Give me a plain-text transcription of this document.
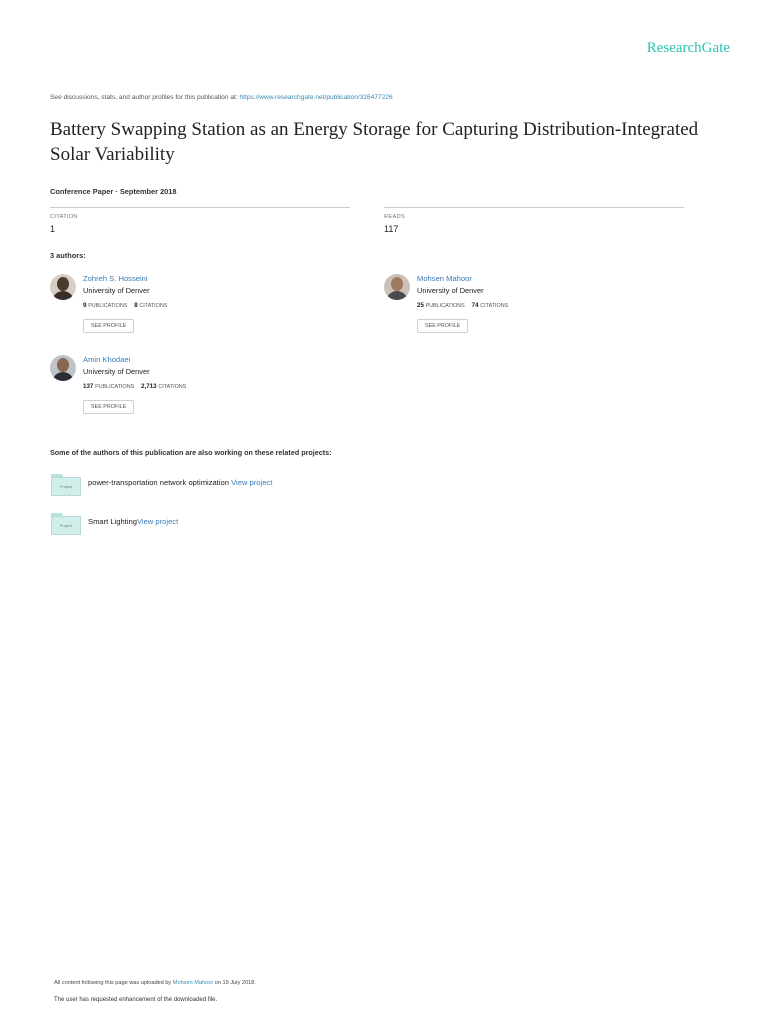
ResearchGate
See discussions, stats, and author profiles for this publication at: https://www.researchgate.net/publication/326477226
Battery Swapping Station as an Energy Storage for Capturing Distribution-Integrated Solar Variability
Conference Paper · September 2018
CITATION
1
READS
117
3 authors:
Zohreh S. Hosseini
University of Denver
9 PUBLICATIONS 8 CITATIONS
SEE PROFILE
Mohsen Mahoor
University of Denver
25 PUBLICATIONS 74 CITATIONS
SEE PROFILE
Amin Khodaei
University of Denver
137 PUBLICATIONS 2,713 CITATIONS
SEE PROFILE
Some of the authors of this publication are also working on these related projects:
Project	power-transportation network optimization View project
Project	Smart LightingView project
All content following this page was uploaded by Mohsen Mahoor on 19 July 2018.
The user has requested enhancement of the downloaded file.
